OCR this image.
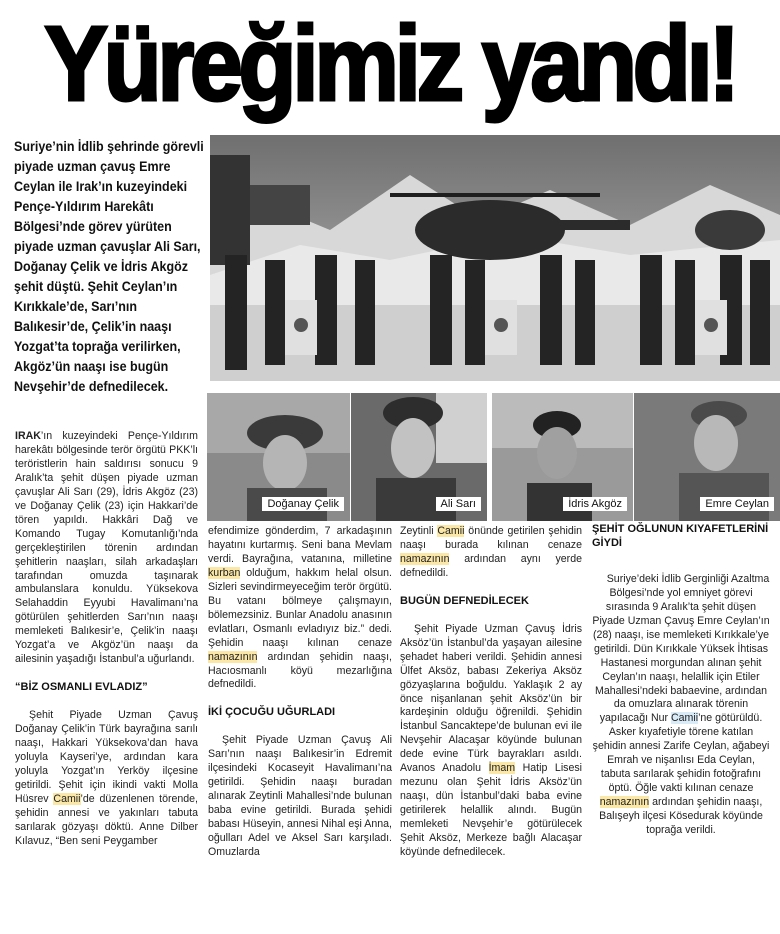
Yüreğimiz yandı!
Suriye’nin İdlib şehrinde görevli piyade uzman çavuş Emre Ceylan ile Irak’ın kuzeyindeki Pençe-Yıldırım Harekâtı Bölgesi’nde görev yürüten piyade uzman çavuşlar Ali Sarı, Doğanay Çelik ve İdris Akgöz şehit düştü. Şehit Ceylan’ın Kırıkkale’de, Sarı’nın Balıkesir’de, Çelik’in naaşı Yozgat’ta toprağa verilirken, Akgöz’ün naaşı ise bugün Nevşehir’de defnedilecek.
Doğanay Çelik	Ali Sarı	İdris Akgöz	Emre Ceylan

IRAK’ın kuzeyindeki Pençe-Yıldırım harekâtı bölgesinde terör örgütü PKK’lı teröristlerin hain saldırısı sonucu 9 Aralık’ta şehit düşen piyade uzman çavuşlar Ali Sarı (29), İdris Akgöz (23) ve Doğanay Çelik (23) için Hakkari’de tören yapıldı. Hakkâri Dağ ve Komando Tugay Komutanlığı’nda gerçekleştirilen törenin ardından şehitlerin naaşları, silah arkadaşları tarafından omuzda taşınarak ambulanslara konuldu. Yüksekova Selahaddin Eyyubi Havalimanı’na götürülen şehitlerden Sarı’nın naaşı memleketi Balıkesir’e, Çelik’in naaşı Yozgat’a ve Akgöz’ün naaşı da ailesinin yaşadığı İstanbul’a uğurlandı.

“BİZ OSMANLI EVLADIZ”

Şehit Piyade Uzman Çavuş Doğanay Çelik’in Türk bayrağına sarılı naaşı, Hakkari Yüksekova’dan hava yoluyla Kayseri’ye, ardından kara yoluyla Yozgat’ın Yerköy ilçesine getirildi. Şehit için ikindi vakti Molla Hüsrev Camii’de düzenlenen törende, şehidin annesi ve yakınları tabuta sarılarak gözyaşı döktü. Anne Dilber Kılavuz, “Ben seni Peygamber

efendimize gönderdim, 7 arkadaşının hayatını kurtarmış. Seni bana Mevlam verdi. Bayrağına, vatanına, milletine kurban olduğum, hakkım helal olsun. Sizleri sevindirmeyeceğim terör örgütü. Bu vatanı bölmeye çalışmayın, bölemezsiniz. Bunlar Anadolu anasının evlatları, Osmanlı evladıyız biz.” dedi. Şehidin naaşı kılınan cenaze namazının ardından şehidin naaşı, Hacıosmanlı köyü mezarlığına defnedildi.

İKİ ÇOCUĞU UĞURLADI

Şehit Piyade Uzman Çavuş Ali Sarı’nın naaşı Balıkesir’in Edremit ilçesindeki Kocaseyit Havalimanı’na getirildi. Şehidin naaşı buradan alınarak Zeytinli Mahallesi’nde bulunan baba evine getirildi. Burada şehidi babası Hüseyin, annesi Nihal eşi Anna, oğulları Adel ve Aksel Sarı karşıladı. Omuzlarda

Zeytinli Camii önünde getirilen şehidin naaşı burada kılınan cenaze namazının ardından aynı yerde defnedildi.

BUGÜN DEFNEDİLECEK

Şehit Piyade Uzman Çavuş İdris Aksöz’ün İstanbul’da yaşayan ailesine şehadet haberi verildi. Şehidin annesi Ülfet Aksöz, babası Zekeriya Aksöz gözyaşlarına boğuldu. Yaklaşık 2 ay önce nişanlanan şehit Aksöz’ün bir kardeşinin olduğu öğrenildi. Şehidin İstanbul Sancaktepe’de bulunan evi ile Nevşehir Alacaşar köyünde bulunan dede evine Türk bayrakları asıldı. Avanos Anadolu İmam Hatip Lisesi mezunu olan Şehit İdris Aksöz’ün naaşı, dün İstanbul’daki baba evine getirilerek helallik alındı. Bugün memleketi Nevşehir’e götürülecek Şehit Aksöz, Merkeze bağlı Alacaşar köyünde defnedilecek.

ŞEHİT OĞLUNUN KIYAFETLERİNİ GİYDİ

Suriye’deki İdlib Gerginliği Azaltma Bölgesi’nde yol emniyet görevi sırasında 9 Aralık’ta şehit düşen Piyade Uzman Çavuş Emre Ceylan’ın (28) naaşı, ise memleketi Kırıkkale’ye getirildi. Dün Kırıkkale Yüksek İhtisas Hastanesi morgundan alınan şehit Ceylan’ın naaşı, helallik için Etiler Mahallesi’ndeki babaevine, ardından da omuzlara alınarak törenin yapılacağı Nur Camii’ne götürüldü. Asker kıyafetiyle törene katılan şehidin annesi Zarife Ceylan, ağabeyi Emrah ve nişanlısı Eda Ceylan, tabuta sarılarak şehidin fotoğrafını öptü. Öğle vakti kılınan cenaze namazının ardından şehidin naaşı, Balışeyh ilçesi Kösedurak köyünde toprağa verildi.
